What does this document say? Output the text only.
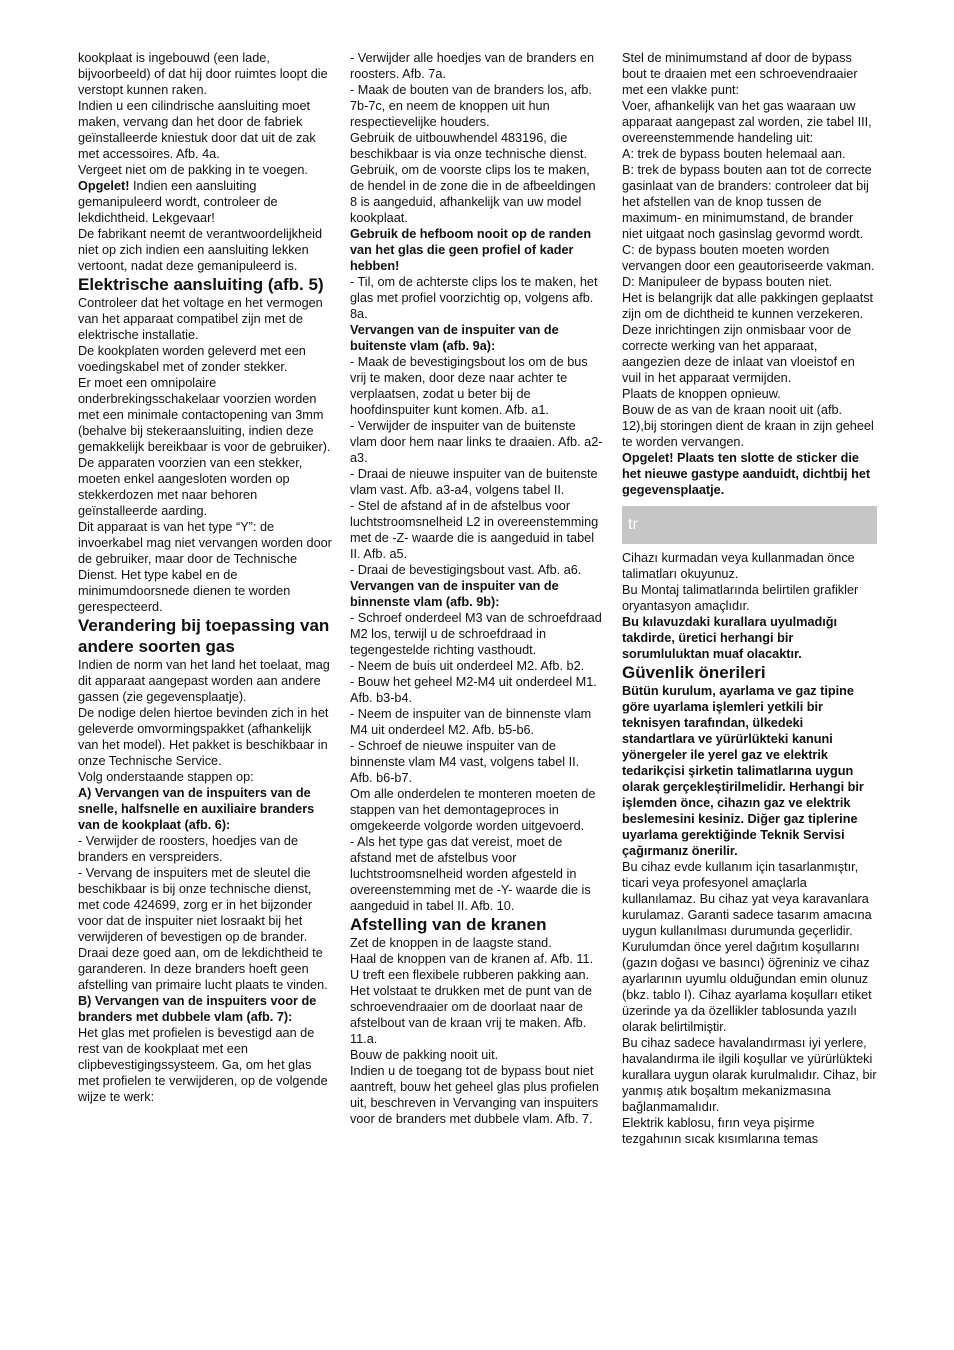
kookplaat is ingebouwd (een lade, bijvoorbeeld) of dat hij door ruimtes loopt die verstopt kunnen raken.

Indien u een cilindrische aansluiting moet maken, vervang dan het door de fabriek geïnstalleerde kniestuk door dat uit de zak met accessoires. Afb. 4a.

Vergeet niet om de pakking in te voegen.

Opgelet! Indien een aansluiting gemanipuleerd wordt, controleer de lekdichtheid. Lekgevaar!

De fabrikant neemt de verantwoordelijkheid niet op zich indien een aansluiting lekken vertoont, nadat deze gemanipuleerd is.

Elektrische aansluiting (afb. 5)

Controleer dat het voltage en het vermogen van het apparaat compatibel zijn met de elektrische installatie.

De kookplaten worden geleverd met een voedingskabel met of zonder stekker.

Er moet een omnipolaire onderbrekingsschakelaar voorzien worden met een minimale contactopening van 3mm (behalve bij stekeraansluiting, indien deze gemakkelijk bereikbaar is voor de gebruiker).

De apparaten voorzien van een stekker, moeten enkel aangesloten worden op stekkerdozen met naar behoren geïnstalleerde aarding.

Dit apparaat is van het type “Y”: de invoerkabel mag niet vervangen worden door de gebruiker, maar door de Technische Dienst. Het type kabel en de minimumdoorsnede dienen te worden gerespecteerd.

Verandering bij toepassing van andere soorten gas

Indien de norm van het land het toelaat, mag dit apparaat aangepast worden aan andere gassen (zie gegevensplaatje).

De nodige delen hiertoe bevinden zich in het geleverde omvormingspakket (afhankelijk van het model). Het pakket is beschikbaar in onze Technische Service.

Volg onderstaande stappen op:

A) Vervangen van de inspuiters van de snelle, halfsnelle en auxiliaire branders van de kookplaat (afb. 6):

- Verwijder de roosters, hoedjes van de branders en verspreiders.

- Vervang de inspuiters met de sleutel die beschikbaar is bij onze technische dienst, met code 424699, zorg er in het bijzonder voor dat de inspuiter niet losraakt bij het verwijderen of bevestigen op de brander.

Draai deze goed aan, om de lekdichtheid te garanderen. In deze branders hoeft geen afstelling van primaire lucht plaats te vinden.

B) Vervangen van de inspuiters voor de branders met dubbele vlam (afb. 7):

Het glas met profielen is bevestigd aan de rest van de kookplaat met een clipbevestigingssysteem. Ga, om het glas met profielen te verwijderen, op de volgende wijze te werk:

- Verwijder alle hoedjes van de branders en roosters. Afb. 7a.

- Maak de bouten van de branders los, afb. 7b-7c, en neem de knoppen uit hun respectievelijke houders.

Gebruik de uitbouwhendel 483196, die beschikbaar is via onze technische dienst. Gebruik, om de voorste clips los te maken, de hendel in de zone die in de afbeeldingen 8 is aangeduid, afhankelijk van uw model kookplaat.

Gebruik de hefboom nooit op de randen van het glas die geen profiel of kader hebben!

- Til, om de achterste clips los te maken, het glas met profiel voorzichtig op, volgens afb. 8a.

Vervangen van de inspuiter van de buitenste vlam (afb. 9a):

- Maak de bevestigingsbout los om de bus vrij te maken, door deze naar achter te verplaatsen, zodat u beter bij de hoofdinspuiter kunt komen. Afb. a1.

- Verwijder de inspuiter van de buitenste vlam door hem naar links te draaien. Afb. a2-a3.

- Draai de nieuwe inspuiter van de buitenste vlam vast. Afb. a3-a4, volgens tabel II.

- Stel de afstand af in de afstelbus voor luchtstroomsnelheid L2 in overeenstemming met de -Z- waarde die is aangeduid in tabel II. Afb. a5.

- Draai de bevestigingsbout vast. Afb. a6.

Vervangen van de inspuiter van de binnenste vlam (afb. 9b):

- Schroef onderdeel M3 van de schroefdraad M2 los, terwijl u de schroefdraad in tegengestelde richting vasthoudt.

- Neem de buis uit onderdeel M2. Afb. b2.

- Bouw het geheel M2-M4 uit onderdeel M1. Afb. b3-b4.

- Neem de inspuiter van de binnenste vlam M4 uit onderdeel M2. Afb. b5-b6.

- Schroef de nieuwe inspuiter van de binnenste vlam M4 vast, volgens tabel II. Afb. b6-b7.

Om alle onderdelen te monteren moeten de stappen van het demontageproces in omgekeerde volgorde worden uitgevoerd.

- Als het type gas dat vereist, moet de afstand met de afstelbus voor luchtstroomsnelheid worden afgesteld in overeenstemming met de -Y- waarde die is aangeduid in tabel II. Afb. 10.

Afstelling van de kranen

Zet de knoppen in de laagste stand.

Haal de knoppen van de kranen af. Afb. 11.

U treft een flexibele rubberen pakking aan. Het volstaat te drukken met de punt van de schroevendraaier om de doorlaat naar de afstelbout van de kraan vrij te maken. Afb. 11.a.

Bouw de pakking nooit uit.

Indien u de toegang tot de bypass bout niet aantreft, bouw het geheel glas plus profielen uit, beschreven in Vervanging van inspuiters voor de branders met dubbele vlam. Afb. 7.

Stel de minimumstand af door de bypass bout te draaien met een schroevendraaier met een vlakke punt:

Voer, afhankelijk van het gas waaraan uw apparaat aangepast zal worden, zie tabel III, overeenstemmende handeling uit:

A: trek de bypass bouten helemaal aan.

B: trek de bypass bouten aan tot de correcte gasinlaat van de branders: controleer dat bij het afstellen van de knop tussen de maximum- en minimumstand, de brander niet uitgaat noch gasinslag gevormd wordt.

C: de bypass bouten moeten worden vervangen door een geautoriseerde vakman.

D: Manipuleer de bypass bouten niet.

Het is belangrijk dat alle pakkingen geplaatst zijn om de dichtheid te kunnen verzekeren. Deze inrichtingen zijn onmisbaar voor de correcte werking van het apparaat, aangezien deze de inlaat van vloeistof en vuil in het apparaat vermijden.

Plaats de knoppen opnieuw.

Bouw de as van de kraan nooit uit (afb. 12),bij storingen dient de kraan in zijn geheel te worden vervangen.

Opgelet! Plaats ten slotte de sticker die het nieuwe gastype aanduidt, dichtbij het gegevensplaatje.

tr

Cihazı kurmadan veya kullanmadan önce talimatları okuyunuz.

Bu Montaj talimatlarında belirtilen grafikler oryantasyon amaçlıdır.

Bu kılavuzdaki kurallara uyulmadığı takdirde, üretici herhangi bir sorumluluktan muaf olacaktır.

Güvenlik önerileri

Bütün kurulum, ayarlama ve gaz tipine göre uyarlama işlemleri yetkili bir teknisyen tarafından, ülkedeki standartlara ve yürürlükteki kanuni yönergeler ile yerel gaz ve elektrik tedarikçisi şirketin talimatlarına uygun olarak gerçekleştirilmelidir. Herhangi bir işlemden önce, cihazın gaz ve elektrik beslemesini kesiniz. Diğer gaz tiplerine uyarlama gerektiğinde Teknik Servisi çağırmanız önerilir.

Bu cihaz evde kullanım için tasarlanmıştır, ticari veya profesyonel amaçlarla kullanılamaz. Bu cihaz yat veya karavanlara kurulamaz. Garanti sadece tasarım amacına uygun kullanılması durumunda geçerlidir.

Kurulumdan önce yerel dağıtım koşullarını (gazın doğası ve basıncı) öğreniniz ve cihaz ayarlarının uyumlu olduğundan emin olunuz (bkz. tablo I). Cihaz ayarlama koşulları etiket üzerinde ya da özellikler tablosunda yazılı olarak belirtilmiştir.

Bu cihaz sadece havalandırması iyi yerlere, havalandırma ile ilgili koşullar ve yürürlükteki kurallara uygun olarak kurulmalıdır. Cihaz, bir yanmış atık boşaltım mekanizmasına bağlanmamalıdır.

Elektrik kablosu, fırın veya pişirme tezgahının sıcak kısımlarına temas
